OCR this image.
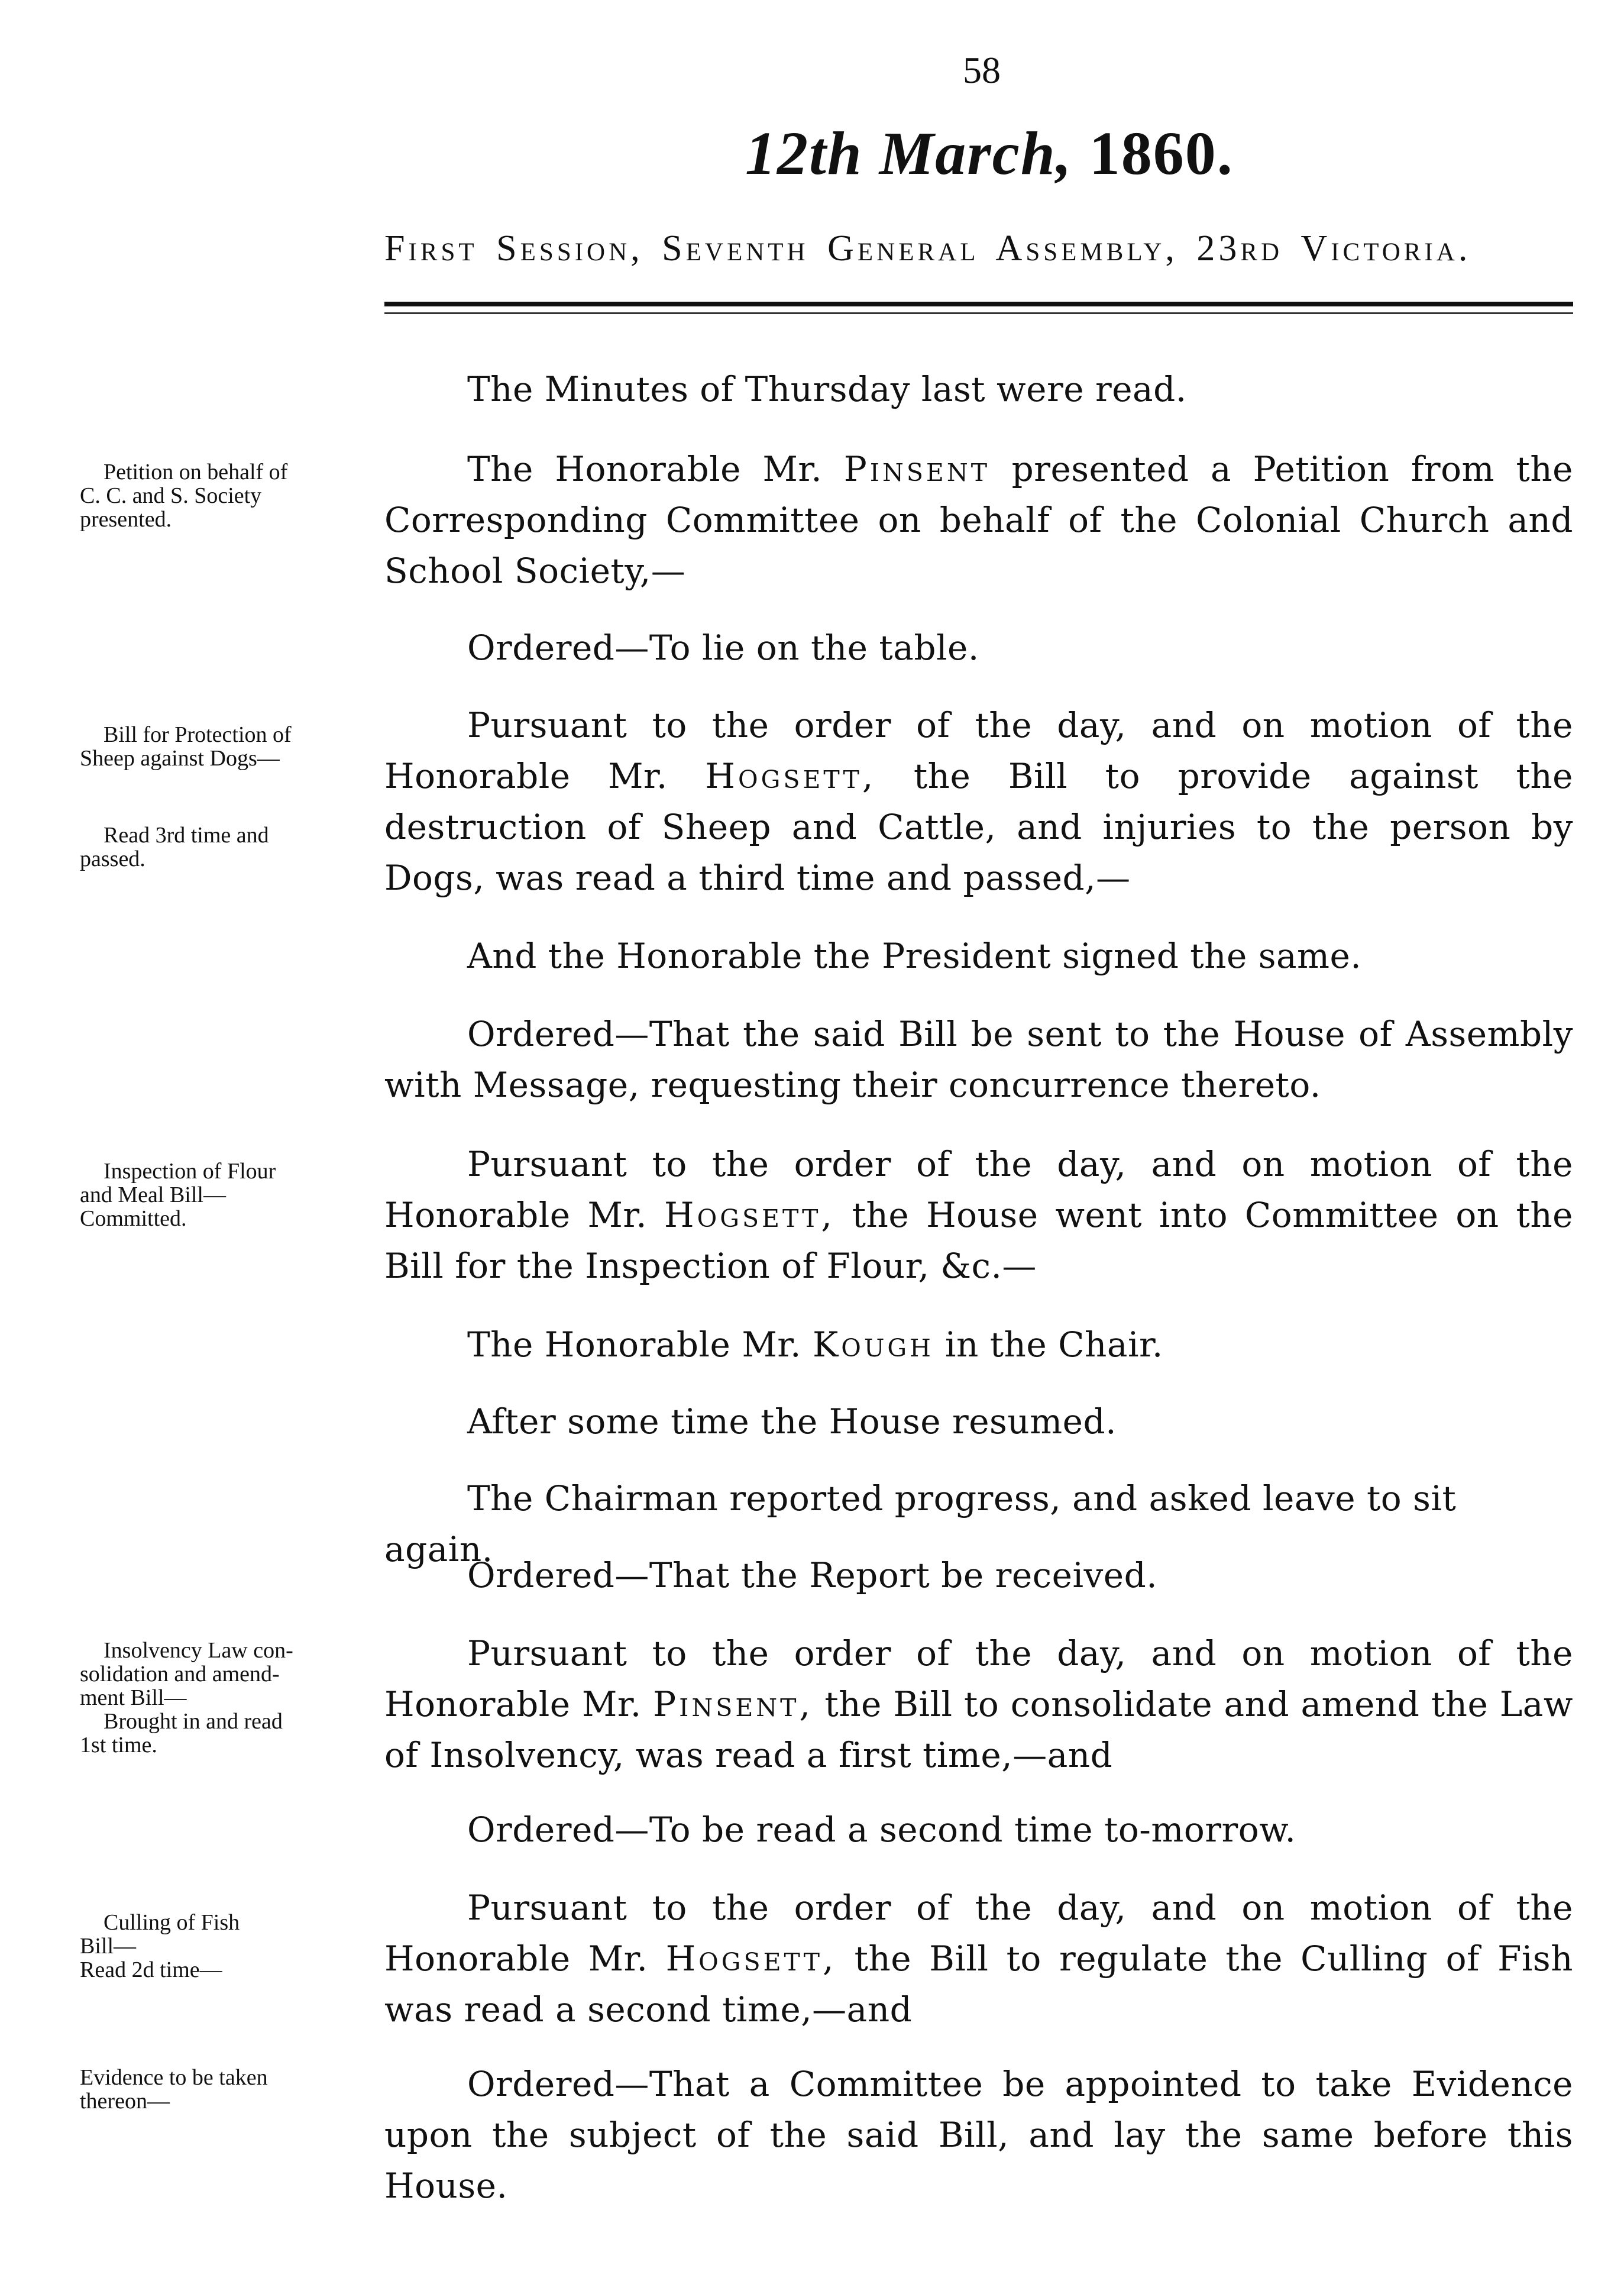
58
12th March, 1860.
First Session, Seventh General Assembly, 23rd Victoria.
Petition on behalf of
C. C. and S. Society
presented.
Bill for Protection of
Sheep against Dogs—
Read 3rd time and
passed.
Inspection of Flour
and Meal Bill—
Committed.
Insolvency Law con-
solidation and amend-
ment Bill—
Brought in and read
1st time.
Culling of Fish
Bill—
Read 2d time—
Evidence to be taken
thereon—

The Minutes of Thursday last were read.

The Honorable Mr. Pinsent presented a Petition from the Corresponding Committee on behalf of the Colonial Church and School Society,—

Ordered—To lie on the table.

Pursuant to the order of the day, and on motion of the Honorable Mr. Hogsett, the Bill to provide against the destruction of Sheep and Cattle, and injuries to the person by Dogs, was read a third time and passed,—

And the Honorable the President signed the same.

Ordered—That the said Bill be sent to the House of Assembly with Message, requesting their concurrence thereto.

Pursuant to the order of the day, and on motion of the Honorable Mr. Hogsett, the House went into Committee on the Bill for the Inspection of Flour, &c.—

The Honorable Mr. Kough in the Chair.

After some time the House resumed.

The Chairman reported progress, and asked leave to sit again.

Ordered—That the Report be received.

Pursuant to the order of the day, and on motion of the Honorable Mr. Pinsent, the Bill to consolidate and amend the Law of Insolvency, was read a first time,—and

Ordered—To be read a second time to-morrow.

Pursuant to the order of the day, and on motion of the Honorable Mr. Hogsett, the Bill to regulate the Culling of Fish was read a second time,—and

Ordered—That a Committee be appointed to take Evidence upon the subject of the said Bill, and lay the same before this House.
